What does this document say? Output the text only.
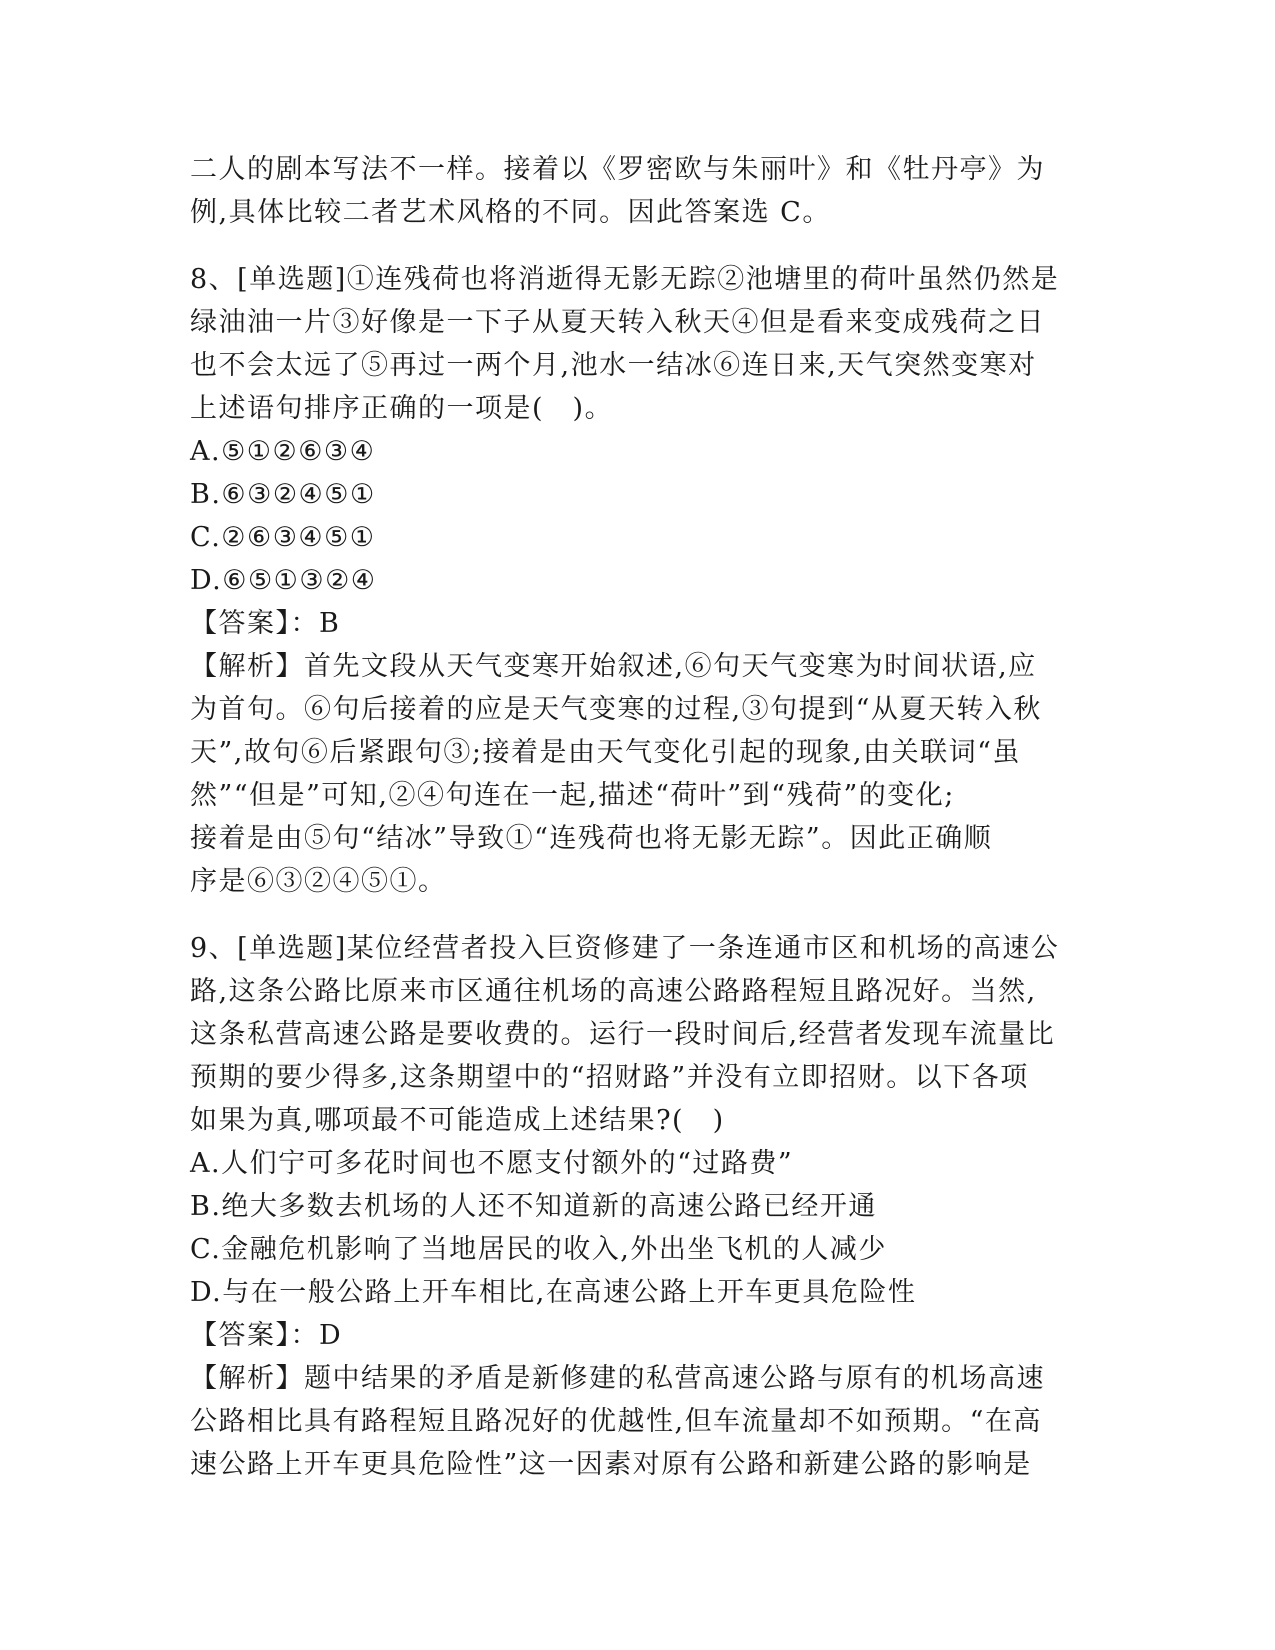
二人的剧本写法不一样。接着以《罗密欧与朱丽叶》和《牡丹亭》为

例,具体比较二者艺术风格的不同。因此答案选 C。

8、[单选题]①连残荷也将消逝得无影无踪②池塘里的荷叶虽然仍然是

绿油油一片③好像是一下子从夏天转入秋天④但是看来变成残荷之日

也不会太远了⑤再过一两个月,池水一结冰⑥连日来,天气突然变寒对

上述语句排序正确的一项是(　)。

A.⑤①②⑥③④

B.⑥③②④⑤①

C.②⑥③④⑤①

D.⑥⑤①③②④

【答案】：B

【解析】首先文段从天气变寒开始叙述,⑥句天气变寒为时间状语,应

为首句。⑥句后接着的应是天气变寒的过程,③句提到“从夏天转入秋

天”,故句⑥后紧跟句③;接着是由天气变化引起的现象,由关联词“虽

然”“但是”可知,②④句连在一起,描述“荷叶”到“残荷”的变化;

接着是由⑤句“结冰”导致①“连残荷也将无影无踪”。因此正确顺

序是⑥③②④⑤①。

9、[单选题]某位经营者投入巨资修建了一条连通市区和机场的高速公

路,这条公路比原来市区通往机场的高速公路路程短且路况好。当然,

这条私营高速公路是要收费的。运行一段时间后,经营者发现车流量比

预期的要少得多,这条期望中的“招财路”并没有立即招财。以下各项

如果为真,哪项最不可能造成上述结果?(　)

A.人们宁可多花时间也不愿支付额外的“过路费”

B.绝大多数去机场的人还不知道新的高速公路已经开通

C.金融危机影响了当地居民的收入,外出坐飞机的人减少

D.与在一般公路上开车相比,在高速公路上开车更具危险性

【答案】：D

【解析】题中结果的矛盾是新修建的私营高速公路与原有的机场高速

公路相比具有路程短且路况好的优越性,但车流量却不如预期。“在高

速公路上开车更具危险性”这一因素对原有公路和新建公路的影响是
